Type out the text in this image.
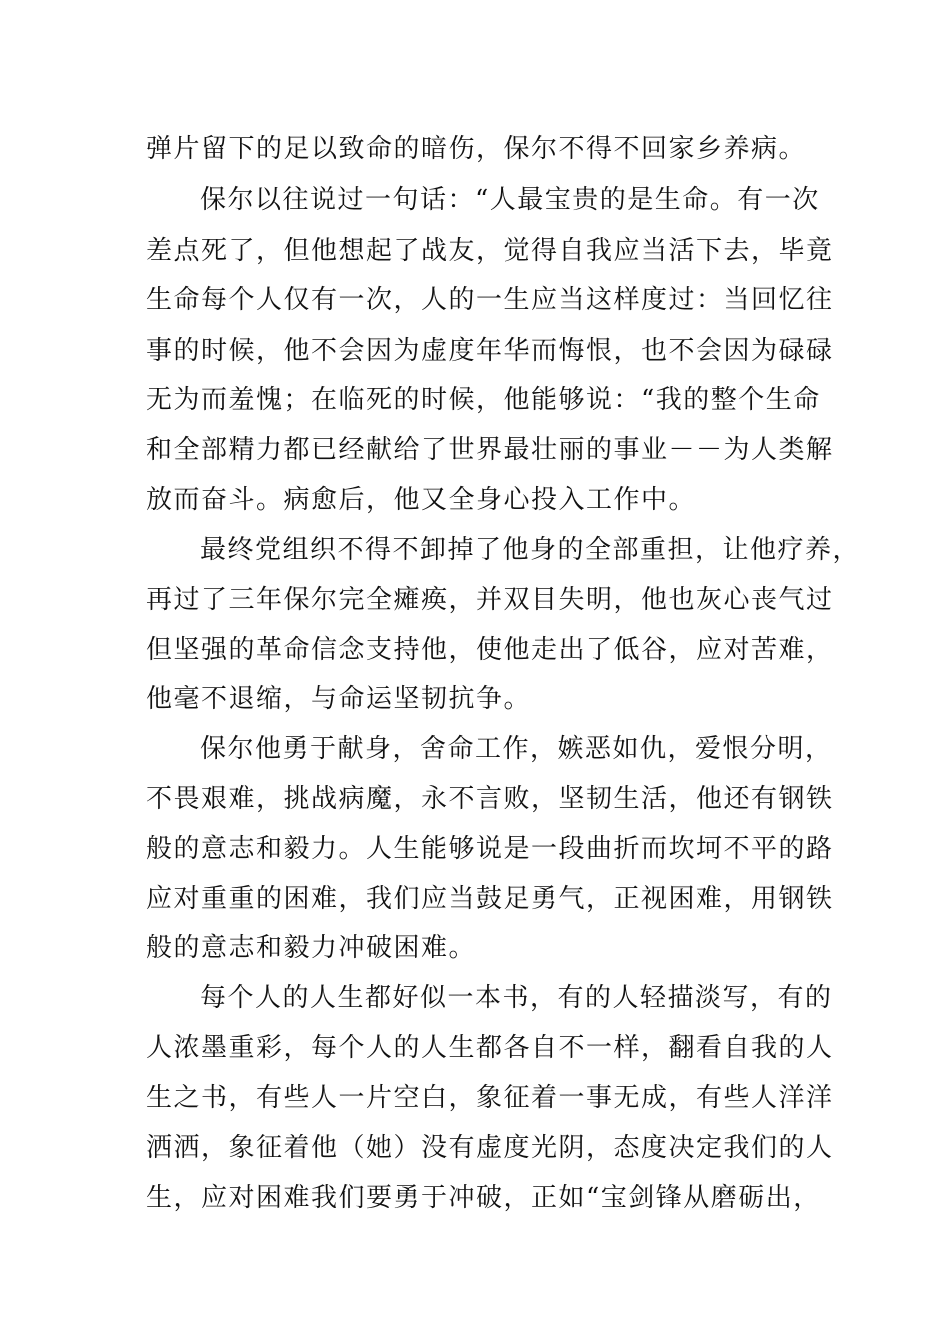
弹片留下的足以致命的暗伤，保尔不得不回家乡养病。
保尔以往说过一句话：“人最宝贵的是生命。有一次
差点死了，但他想起了战友，觉得自我应当活下去，毕竟
生命每个人仅有一次，人的一生应当这样度过：当回忆往
事的时候，他不会因为虚度年华而悔恨，也不会因为碌碌
无为而羞愧；在临死的时候，他能够说：“我的整个生命
和全部精力都已经献给了世界最壮丽的事业－－为人类解
放而奋斗。病愈后，他又全身心投入工作中。
最终党组织不得不卸掉了他身的全部重担，让他疗养，
再过了三年保尔完全瘫痪，并双目失明，他也灰心丧气过
但坚强的革命信念支持他，使他走出了低谷，应对苦难，
他毫不退缩，与命运坚韧抗争。
保尔他勇于献身，舍命工作，嫉恶如仇，爱恨分明，
不畏艰难，挑战病魔，永不言败，坚韧生活，他还有钢铁
般的意志和毅力。人生能够说是一段曲折而坎坷不平的路
应对重重的困难，我们应当鼓足勇气，正视困难，用钢铁
般的意志和毅力冲破困难。
每个人的人生都好似一本书，有的人轻描淡写，有的
人浓墨重彩，每个人的人生都各自不一样，翻看自我的人
生之书，有些人一片空白，象征着一事无成，有些人洋洋
洒洒，象征着他（她）没有虚度光阴，态度决定我们的人
生，应对困难我们要勇于冲破，正如“宝剑锋从磨砺出，
